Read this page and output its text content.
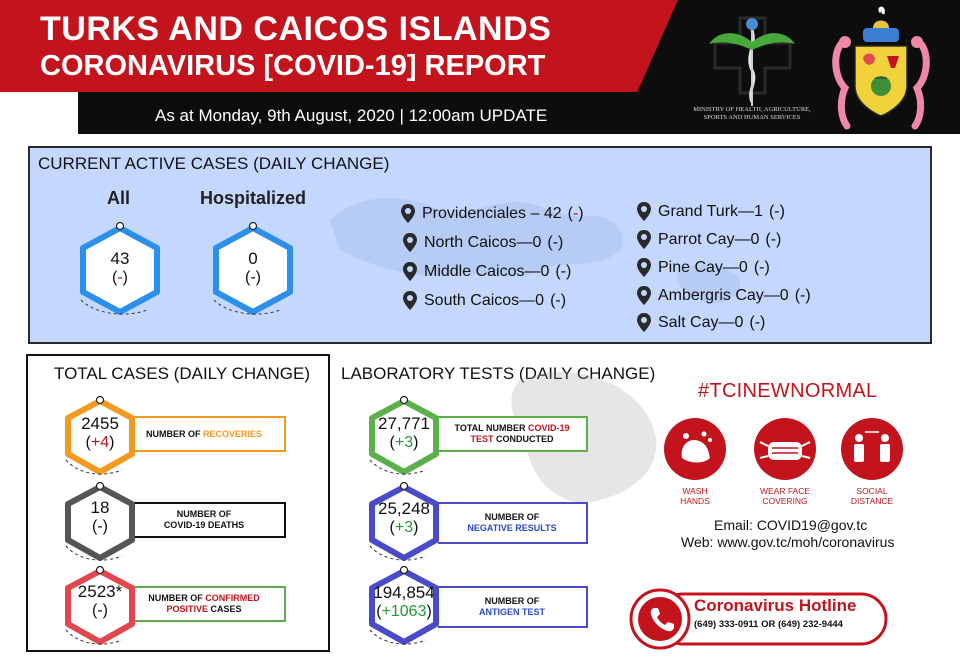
TURKS AND CAICOS ISLANDS
CORONAVIRUS [COVID-19] REPORT
As at Monday, 9th August, 2020 | 12:00am UPDATE	MINISTRY OF HEALTH, AGRICULTURE,
SPORTS AND HUMAN SERVICES
CURRENT ACTIVE CASES (DAILY CHANGE)
All	Hospitalized
43
(-)
0
(-)
Providenciales – 42 (-)
North Caicos—0 (-)
Middle Caicos—0 (-)
South Caicos—0 (-)
Grand Turk—1 (-)
Parrot Cay—0 (-)
Pine Cay—0 (-)
Ambergris Cay—0 (-)
Salt Cay—0 (-)
TOTAL CASES (DAILY CHANGE)
NUMBER OF RECOVERIES
2455
(+4)
NUMBER OF
COVID-19 DEATHS
18
(-)
NUMBER OF CONFIRMED
POSITIVE CASES
2523*
(-)
LABORATORY TESTS (DAILY CHANGE)
TOTAL NUMBER COVID-19
TEST CONDUCTED
27,771
(+3)
NUMBER OF
NEGATIVE RESULTS
25,248
(+3)
NUMBER OF
ANTIGEN TEST
194,854
(+1063)
#TCINEWNORMAL
WASH
HANDS
WEAR FACE
COVERING
SOCIAL
DISTANCE
Email: COVID19@gov.tc
Web: www.gov.tc/moh/coronavirus
Coronavirus Hotline
(649) 333-0911 OR (649) 232-9444
